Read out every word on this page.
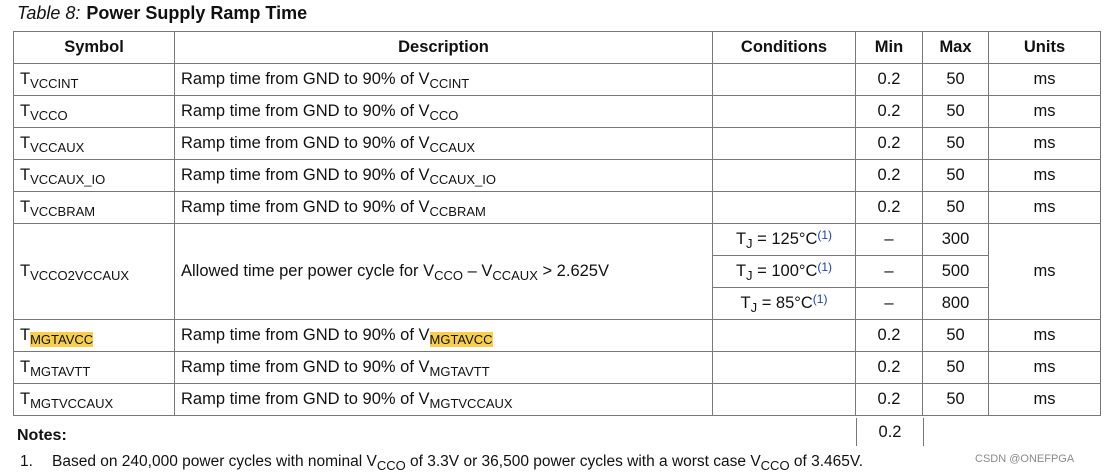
Table 8: Power Supply Ramp Time
Symbol	Description	Conditions	Min	Max	Units
$T_{VCCINT}$	Ramp time from GND to 90% of $V_{CCINT}$		0.2	50	ms
$T_{VCCO}$	Ramp time from GND to 90% of $V_{CCO}$		0.2	50	ms
$T_{VCCAUX}$	Ramp time from GND to 90% of $V_{CCAUX}$		0.2	50	ms
$T_{VCCAUX\_IO}$	Ramp time from GND to 90% of $V_{CCAUX\_IO}$		0.2	50	ms
$T_{VCCBRAM}$	Ramp time from GND to 90% of $V_{CCBRAM}$		0.2	50	ms
$T_{VCCO2VCCAUX}$	Allowed time per power cycle for $V_{CCO} - V_{CCAUX} > 2.625V$	$T_J = 125^\circ C^{(1)}$	–	300	ms
		$T_J = 100^\circ C^{(1)}$	–	500	
		$T_J = 85^\circ C^{(1)}$	–	800	
$T_{MGTAVCC}$	Ramp time from GND to 90% of $V_{MGTAVCC}$		0.2	50	ms
$T_{MGTAVTT}$	Ramp time from GND to 90% of $V_{MGTAVTT}$		0.2	50	ms
$T_{MGTVCCAUX}$	Ramp time from GND to 90% of $V_{MGTVCCAUX}$		0.2	50	ms
0.2
Notes:
1. Based on 240,000 power cycles with nominal $V_{CCO}$ of 3.3V or 36,500 power cycles with a worst case $V_{CCO}$ of 3.465V.	CSDN @ONEFPGA
